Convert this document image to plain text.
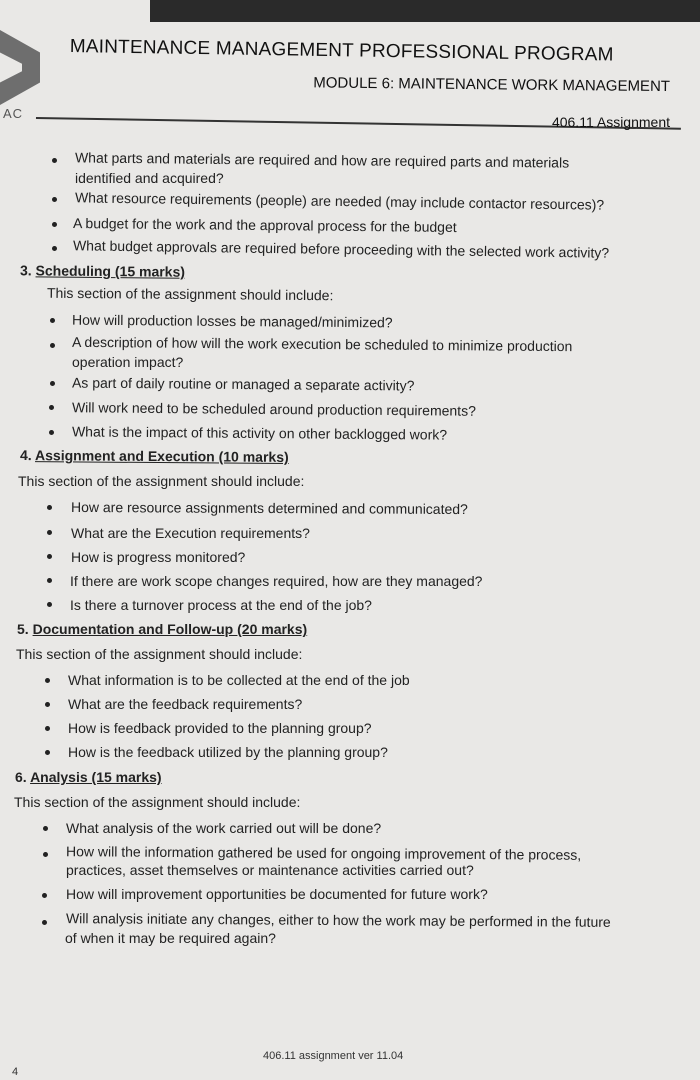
AC
MAINTENANCE MANAGEMENT PROFESSIONAL PROGRAM
MODULE 6: MAINTENANCE WORK MANAGEMENT
406.11 Assignment
What parts and materials are required and how are required parts and materials
identified and acquired?
What resource requirements (people) are needed (may include contactor resources)?
A budget for the work and the approval process for the budget
What budget approvals are required before proceeding with the selected work activity?
3. Scheduling (15 marks)
This section of the assignment should include:
How will production losses be managed/minimized?
A description of how will the work execution be scheduled to minimize production
operation impact?
As part of daily routine or managed a separate activity?
Will work need to be scheduled around production requirements?
What is the impact of this activity on other backlogged work?
4. Assignment and Execution (10 marks)
This section of the assignment should include:
How are resource assignments determined and communicated?
What are the Execution requirements?
How is progress monitored?
If there are work scope changes required, how are they managed?
Is there a turnover process at the end of the job?
5. Documentation and Follow-up (20 marks)
This section of the assignment should include:
What information is to be collected at the end of the job
What are the feedback requirements?
How is feedback provided to the planning group?
How is the feedback utilized by the planning group?
6. Analysis (15 marks)
This section of the assignment should include:
What analysis of the work carried out will be done?
How will the information gathered be used for ongoing improvement of the process,
practices, asset themselves or maintenance activities carried out?
How will improvement opportunities be documented for future work?
Will analysis initiate any changes, either to how the work may be performed in the future
of when it may be required again?
406.11 assignment ver 11.04
4
